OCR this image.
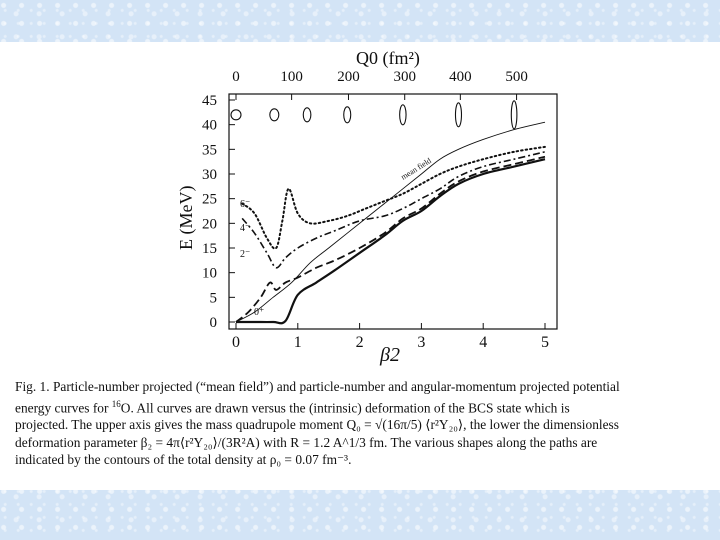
0	1	2	3	4	5
0	100 200 300 400 500
0
5
10
15
20
25
30
35
40
45
Q0 (fm²)
β2
E (MeV)
mean field
6⁻
4⁻
2⁻
0⁺

Fig. 1. Particle-number projected (“mean field”) and particle-number and angular-momentum projected potential

energy curves for $^{16}$O. All curves are drawn versus the (intrinsic) deformation of the BCS state which is

projected. The upper axis gives the mass quadrupole moment Q₀ = √(16π/5) ⟨r²Y₂₀⟩, the lower the dimensionless

deformation parameter β₂ = 4π⟨r²Y₂₀⟩/(3R²A) with R = 1.2 A^1/3 fm. The various shapes along the paths are

indicated by the contours of the total density at ρ₀ = 0.07 fm⁻³.
